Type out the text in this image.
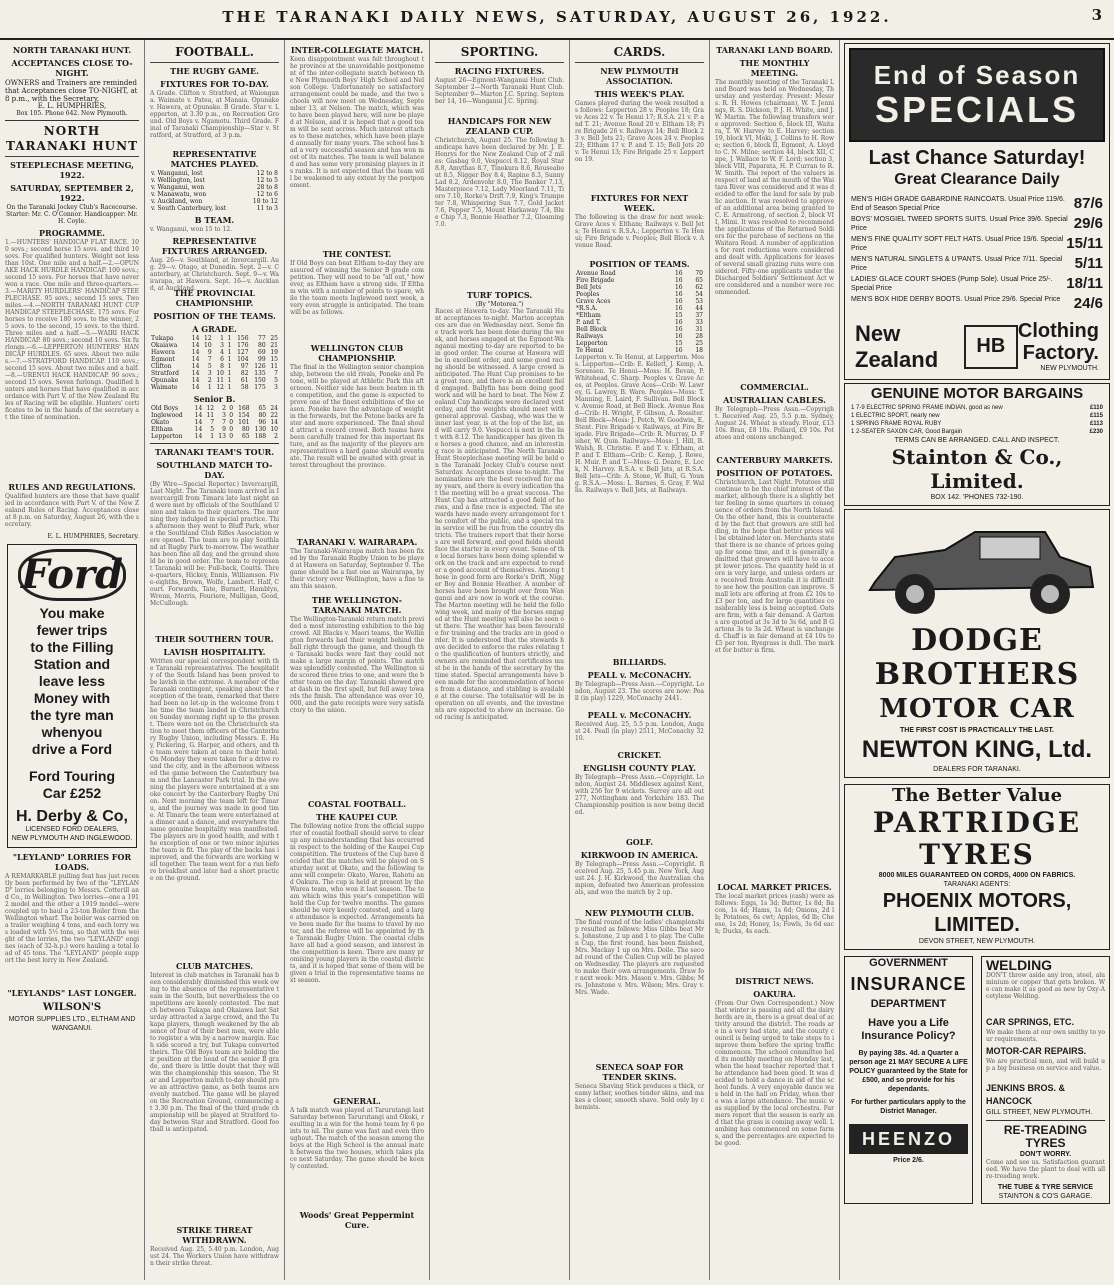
THE TARANAKI DAILY NEWS, SATURDAY, AUGUST 26, 1922.	3
NORTH TARANAKI HUNT.
ACCEPTANCES CLOSE TO-NIGHT.
OWNERS and Trainers are reminded that Acceptances close TO-NIGHT, at 8 p.m., with the Secretary,
E. L. HUMPHRIES,
Box 105. Phone 642. New Plymouth.
NORTH TARANAKI HUNT
STEEPLECHASE MEETING, 1922.
SATURDAY, SEPTEMBER 2, 1922.
On the Taranaki Jockey Club's Racecourse.
Starter: Mr. C. O'Connor. Handicapper: Mr. H. Coyle.
PROGRAMME.
1.—HUNTERS' HANDICAP FLAT RACE. 100 sovs.; second horse 15 sovs. and third 10 sovs. For qualified hunters. Weight not less than 10st. One mile and a half.—2.—OPUNAKE HACK HURDLE HANDICAP. 100 sovs.; second 15 sovs. For horses that have never won a race. One mile and three-quarters.—3.—MARITY HURDLERS' HANDICAP STEEPLECHASE. 95 sovs.; second 15 sovs. Two miles.—4.—NORTH TARANAKI HUNT CUP HANDICAP STEEPLECHASE. 175 sovs. For horses to receive 180 sovs. to the winner, 25 sovs. to the second, 15 sovs. to the third. Three miles and a half.—5.—WAIRI HACK HANDICAP. 80 sovs.; second 10 sovs. Six furlongs.—6.—LEPPERTON HUNTERS' HANDICAP HURDLES. 65 sovs. About two miles.—7.—STRATFORD HANDICAP. 110 sovs.; second 15 sovs. About two miles and a half.—8.—URENUI HACK HANDICAP. 90 sovs.; second 15 sovs. Seven furlongs. Qualified hunters and horses that have qualified in accordance with Part V. of the New Zealand Rules of Racing will be eligible. Hunters' certificates to be in the hands of the secretary at the time of nomination.
RULES AND REGULATIONS.
Qualified hunters are those that have qualified in accordance with Part V. of the New Zealand Rules of Racing. Acceptances close at 8 p.m. on Saturday, August 26, with the secretary.
E. L. HUMPHRIES, Secretary.
Ford
You make
fewer trips
to the Filling
Station and
leave less
Money with
the tyre man
whenyou
drive a Ford
Ford Touring
Car £252
H. Derby & Co,
LICENSED FORD DEALERS,
NEW PLYMOUTH AND INGLEWOOD.
"LEYLAND" LORRIES FOR LOADS.
A REMARKABLE pulling feat has just recently been performed by two of the "LEYLAND" lorries belonging to Messrs. Cotterill and Co., in Wellington. Two lorries—one a 1912 model and the other a 1919 model—were coupled up to haul a 23-ton Boiler from the Wellington wharf. The boiler was carried on a trailer weighing 4 tons, and each lorry was loaded with 5½ tons, so that with the weight of the lorries, the two "LEYLAND" engines (each of 32-h.p.) were hauling a total load of 45 tons. The "LEYLAND" people support the best lorry in New Zealand.
"LEYLANDS" LAST LONGER.
WILSON'S
MOTOR SUPPLIES LTD., ELTHAM AND WANGANUI.
FOOTBALL.
THE RUGBY GAME.
FIXTURES FOR TO-DAY.
A Grade. Clifton v. Stratford, at Waiongana. Waimate v. Patea, at Manaia. Opunake v. Hawera, at Opunake. B Grade. Star v. Lepperton, at 3.30 p.m., on Recreation Ground. Old Boys v. Ngamotu. Third Grade. Final of Taranaki Championship—Star v. Stratford, at Stratford, at 3 p.m.
REPRESENTATIVE MATCHES PLAYED.
v. Wanganui, lost	12 to 8
v. Wellington, lost	12 to 5
v. Wanganui, won	28 to 8
v. Manawatu, won	12 to 6
v. Auckland, won	18 to 12
v. South Canterbury, lost	11 to 3
B TEAM.
v. Wanganui, won 15 to 12.
REPRESENTATIVE FIXTURES ARRANGED.
Aug. 26—v. Southland, at Invercargill. Aug. 29—v. Otago, at Dunedin. Sept. 2—v. Canterbury, at Christchurch. Sept. 9—v. Wairarapa, at Hawera. Sept. 16—v. Auckland, at Auckland.
THE PROVINCIAL CHAMPIONSHIP.
POSITION OF THE TEAMS.
A GRADE.
Tukapa	14	12	1	1	156	77	25
Okaiawa	14	10	3	1	176	80	21
Hawera	14	9	4	1	127	69	19
Egmont	14	7	6	1	104	99	15
Clifton	14	5	8	1	97	126	11
Stratford	14	3	10	1	82	135	7
Opunake	14	2	11	1	61	150	5
Waimate	14	1	12	1	58	175	3
Senior B.
Old Boys	14	12	2	0	168	65	24
Inglewood	14	11	3	0	154	80	22
Okato	14	7	7	0	101	96	14
Eltham	14	5	9	0	80	130	10
Lepperton	14	1	13	0	65	188	2
TARANAKI TEAM'S TOUR.
SOUTHLAND MATCH TO-DAY.
(By Wire—Special Reporter.) Invercargill, Last Night. The Taranaki team arrived in Invercargill from Timaru late last night and were met by officials of the Southland Union and taken to their quarters. The morning they indulged in special practice. This afternoon they went to Bluff Park, where the Southland Club Rifles Association were opened. The team are to play Southland at Rugby Park to-morrow. The weather has been fine all day, and the ground should be in good order. The team to represent Taranaki will be: Full-back, Coutts. Three-quarters, Hickey, Ennis, Williamson. Five-eighths, Brown, Wolfe, Lambert. Half, Court. Forwards, Tate, Burnett, Hamblyn, Wrenn, Morris, Fouriere, Mulligan, Good, McCullough.
THEIR SOUTHERN TOUR.
LAVISH HOSPITALITY.
Written our special correspondent with the Taranaki representatives. The hospitality of the South Island has been proved to be lavish in the extreme. A member of the Taranaki contingent, speaking about the reception of the team, remarked that there had been no let-up in the welcome from the time the team landed in Christchurch on Sunday morning right up to the present. There were not on the Christchurch station to meet them officers of the Canterbury Rugby Union, including Messrs. E. Hay, Pickering, G. Harper, and others, and the team were taken at once to their hotel. On Monday they were taken for a drive round the city, and in the afternoon witnessed the game between the Canterbury team and the Lancaster Park trial. In the evening the players were entertained at a smoke concert by the Canterbury Rugby Union. Next morning the team left for Timaru, and the journey was made in good time. At Timaru the team were entertained at a dinner and a dance, and everywhere the same genuine hospitality was manifested. The players are in good health, and with the exception of one or two minor injuries the team is fit. The play of the backs has improved, and the forwards are working well together. The team went for a run before breakfast and later had a short practice on the ground.
CLUB MATCHES.
Interest in club matches in Taranaki has been considerably diminished this week owing to the absence of the representative team in the South, but nevertheless the competitions are keenly contested. The match between Tukapa and Okaiawa last Saturday attracted a large crowd, and the Tukapa players, though weakened by the absence of four of their best men, were able to register a win by a narrow margin. Each side scored a try, but Tukapa converted theirs. The Old Boys team are holding their position at the head of the senior B grade, and there is little doubt that they will win the championship this season. The Star and Lepperton match to-day should prove an attractive game, as both teams are evenly matched. The game will be played on the Recreation Ground, commencing at 3.30 p.m. The final of the third grade championship will be played at Stratford to-day between Star and Stratford. Good football is anticipated.
STRIKE THREAT WITHDRAWN.
Received Aug. 25, 5.40 p.m. London, August 24. The Workers Union have withdrawn their strike threat.
INTER-COLLEGIATE MATCH.
Keen disappointment was felt throughout the province at the unavoidable postponement of the inter-collegiate match between the New Plymouth Boys' High School and Nelson College. Unfortunately no satisfactory arrangement could be made, and the two schools will now meet on Wednesday, September 13, at Nelson. The match, which was to have been played here, will now be played at Nelson, and it is hoped that a good team will be sent across. Much interest attaches to these matches, which have been played annually for many years. The school has had a very successful season and has won most of its matches. The team is well balanced and has some very promising players in its ranks. It is not expected that the team will be weakened to any extent by the postponement.
THE CONTEST.
If Old Boys can beat Eltham to-day they are assured of winning the Senior B grade competition. They will need to be "all out," however, as Eltham have a strong side. If Eltham win with a number of points to spare, while the team meets Inglewood next week, a very even struggle is anticipated. The team will be as follows.
WELLINGTON CLUB CHAMPIONSHIP.
The final in the Wellington senior championship, between the old rivals, Poneke and Petone, will be played at Athletic Park this afternoon. Neither side has been beaten in the competition, and the game is expected to prove one of the finest exhibitions of the season. Poneke have the advantage of weight in the forwards, but the Petone backs are faster and more experienced. The final should attract a record crowd. Both teams have been carefully trained for this important fixture, and as the majority of the players are representatives a hard game should eventuate. The result will be awaited with great interest throughout the province.
TARANAKI V. WAIRARAPA.
The Taranaki-Wairarapa match has been fixed by the Taranaki Rugby Union to be played at Hawera on Saturday, September 9. The game should be a fast one as Wairarapa, by their victory over Wellington, have a fine team this season.
THE WELLINGTON-TARANAKI MATCH.
The Wellington-Taranaki return match provided a most interesting exhibition to the big crowd. All Blacks v. Maori teams, the Wellington forwards had their weight behind the ball right through the game, and though the Taranaki backs were fast they could not make a large margin of points. The match was splendidly contested. The Wellington side scored three tries to one, and were the better team on the day. Taranaki showed great dash in the first spell, but fell away towards the finish. The attendance was over 10,000, and the gate receipts were very satisfactory to the union.
COASTAL FOOTBALL.
THE KAUPEI CUP.
The following notice from the official supporter of coastal football should serve to clear up any misunderstanding that has occurred in respect to the holding of the Kaupei Cup competition. The trustees of the Cup have decided that the matches will be played on Saturday next at Okato, and the following teams will compete: Okato, Warea, Rahotu and Oakura. The cup is held at present by the Warea team, who won it last season. The team which wins this year's competition will hold the Cup for twelve months. The games should be very keenly contested, and a large attendance is expected. Arrangements have been made for the teams to travel by motor, and the referee will be appointed by the Taranaki Rugby Union. The coastal clubs have all had a good season, and interest in the competition is keen. There are many promising young players in the coastal districts, and it is hoped that some of them will be given a trial in the representative teams next season.
GENERAL.
A talk match was played at Tarurutangi last Saturday between Tarurutangi and Okoki, resulting in a win for the home team by 6 points to nil. The game was fast and even throughout. The match of the season among the boys at the High School is the annual match between the two houses, which takes place next Saturday. The game should be keenly contested.
Woods' Great Peppermint Cure.
SPORTING.
RACING FIXTURES.
August 26—Egmont-Wanganui Hunt Club. September 2—North Taranaki Hunt Club. September 9—Marton J.C. Spring. September 14, 16—Wanganui J.C. Spring.
HANDICAPS FOR NEW ZEALAND CUP.
Christchurch, August 25. The following handicaps have been declared by Mr. J. E. Henrys for the New Zealand Cup of 2 miles: Gasbag 9.0, Vespucci 8.12, Royal Star 8.8, Amythas 8.7, Tinokura 8.6, Rouseabout 8.5, Nigger Boy 8.4, Rapine 8.3, Sunny Lad 8.2, Ardenvohr 8.0, The Banker 7.13, Masterpiece 7.12, Lady Moorland 7.11, Tioro 7.10, Rorke's Drift 7.9, King's Trumpeter 7.8, Whispering Sun 7.7, Gold Jacket 7.6, Pepper 7.5, Mount Harkaway 7.4, Blue Chip 7.3, Bonnie Heather 7.2, Gloaming 7.0.
TURF TOPICS.
(By "Motorea.")
Races at Hawera to-day. The Taranaki Hunt acceptances to-night. Marton acceptances are due on Wednesday next. Some fine track work has been done during the week, and horses engaged at the Egmont-Wanganui meeting to-day are reported to be in good order. The course at Hawera will be in excellent order, and some good racing should be witnessed. A large crowd is anticipated. The Hunt Cup promises to be a great race, and there is an excellent field engaged. Ballyfin has been doing good work and will be hard to beat. The New Zealand Cup handicaps were declared yesterday, and the weights should meet with general approval. Gasbag, who was the winner last year, is at the top of the list, and will carry 9.0. Vespucci is next in the list with 8.12. The handicapper has given the horses a good chance, and an interesting race is anticipated. The North Taranaki Hunt Steeplechase meeting will be held on the Taranaki Jockey Club's course next Saturday. Acceptances close to-night. The nominations are the best received for many years, and there is every indication that the meeting will be a great success. The Hunt Cup has attracted a good field of horses, and a fine race is expected. The stewards have made every arrangement for the comfort of the public, and a special train service will be run from the country districts. The trainers report that their horses are well forward, and good fields should face the starter in every event. Some of the local horses have been doing splendid work on the track and are expected to render a good account of themselves. Among those in good form are Rorke's Drift, Nigger Boy and Bonnie Heather. A number of horses have been brought over from Wanganui and are now in work at the course. The Marton meeting will be held the following week, and many of the horses engaged at the Hunt meeting will also be seen out there. The weather has been favourable for training and the tracks are in good order. It is understood that the stewards have decided to enforce the rules relating to the qualification of hunters strictly, and owners are reminded that certificates must be in the hands of the secretary by the time stated. Special arrangements have been made for the accommodation of horses from a distance, and stabling is available at the course. The totalisator will be in operation on all events, and the investments are expected to show an increase. Good racing is anticipated.
CARDS.
NEW PLYMOUTH ASSOCIATION.
THIS WEEK'S PLAY.
Games played during the week resulted as follows: Lepperton 28 v. Peoples 18; Grave Aces 22 v. Te Henui 17; R.S.A. 21 v. P. and T. 21; Avenue Road 20 v. Eltham 18; Fire Brigade 26 v. Railways 14; Bell Block 23 v. Bell Jets 21; Grave Aces 24 v. Peoples 23; Eltham 17 v. P. and T. 15; Bell Jets 20 v. Te Henui 13; Fire Brigade 25 v. Lepperton 19.
FIXTURES FOR NEXT WEEK.
The following is the draw for next week: Grave Aces v. Eltham; Railways v. Bell Jets; Te Henui v. R.S.A.; Lepperton v. Te Henui; Fire Brigade v. Peoples; Bell Block v. Avenue Road.
POSITION OF TEAMS.
Avenue Road	16	70
Fire Brigade	16	65
Bell Jets	16	62
Peoples	16	54
Grave Aces	16	53
*R.S.A.	16	44
*Eltham	15	37
P. and T.	16	33
Bell Block	16	31
Railways	16	28
Lepperton	15	25
Te Henui	16	18
Lepperton v. Te Henui, at Lepperton. Moss. Lepperton—Crib: E. Kellett, J. Kemp, A. Sorensen. Te Henui—Moss: H. Bevan, P. Whitehead, C. Sharp. Peoples v. Grave Aces, at Peoples. Grave Aces—Crib: W. Lawrey, G. Lawrey, B. Ware. Peoples—Moss: T. Manning, E. Laird, F. Sullivan. Bell Block v. Avenue Road, at Bell Block. Avenue Road—Crib: H. Wright, F. Gibson, A. Rossiter. Bell Block—Moss: J. Petch, W. Goodwin, E. Stent. Fire Brigade v. Railways, at Fire Brigade. Fire Brigade—Crib: R. Murray, D. Fisher, W. Quin. Railways—Moss: J. Hill, B. Walsh, R. Christie. P. and T. v. Eltham, at P. and T. Eltham—Crib: C. Kemp, J. Rowe, H. Muir. P. and T.—Moss: G. Deare, E. Lock, N. Harvey. R.S.A. v. Bell Jets, at R.S.A. Bell Jets—Crib: A. Stone, W. Bull, G. Young. R.S.A.—Moss: L. Barnes, S. Gray, F. Wallis. Railways v. Bell Jets, at Railways.
BILLIARDS.
PEALL v. McCONACHY.
By Telegraph—Press Assn.—Copyright. London, August 23. The scores are now: Peall (in play) 1229, McConachy 2441.
PEALL v. McCONACHY.
Received Aug. 25, 5.5 p.m. London, August 24. Peall (in play) 2511, McConachy 3210.
CRICKET.
ENGLISH COUNTY PLAY.
By Telegraph—Press Assn.—Copyright. London, August 24. Middlesex against Kent, with 256 for 9 wickets. Surrey are all out 277, Nottingham and Yorkshire 183. The Championship position is now being decided.
GOLF.
KIRKWOOD IN AMERICA.
By Telegraph—Press Assn.—Copyright. Received Aug. 25, 5.45 p.m. New York, August 24. J. H. Kirkwood, the Australian champion, defeated two American professionals, and won the match by 2 up.
NEW PLYMOUTH CLUB.
The final round of the ladies' championship resulted as follows: Miss Gibbs beat Mrs. Johnstone, 2 up and 1 to play. The Cullen Cup, the first round, has been finished, Mrs. Mackay 1 up on Mrs. Doile. The second round of the Cullen Cup will be played on Wednesday. The players are requested to make their own arrangements. Draw for next week: Mrs. Mason v. Mrs. Gibbs; Mrs. Johnstone v. Mrs. Wilson; Mrs. Gray v. Mrs. Wade.
SENECA SOAP FOR TENDER SKINS.
Seneca Shaving Stick produces a thick, creamy lather, soothes tender skins, and makes a closer, smooth shave. Sold only by chemists.
TARANAKI LAND BOARD.
THE MONTHLY MEETING.
The monthly meeting of the Taranaki Land Board was held on Wednesday, Thursday and yesterday. Present: Messrs. R. H. Howes (chairman), W. T. Jennings, R. S. Dickson, P. J. H. White, and J. W. Martin. The following transfers were approved: Section 6, block III, Waitara, T. W. Harvey to E. Harvey; section 19, block VI, Moki, J. Collins to H. Rowe; section 6, block II, Egmont, A. Lloyd to C. N. Milne; section 44, block XII, Cape, J. Wallace to W. F. Lord; section 3, block VIII, Paparata, H. P. Curran to R. W. Smith. The report of the valuers in respect of land at the mouth of the Waitara River was considered and it was decided to offer the land for sale by public auction. It was resolved to approve of an additional area being granted to C. E. Armstrong, of section 2, block VII, Mimi. It was resolved to recommend the applications of the Returned Soldiers for the purchase of sections on the Waitara Road. A number of applications for rent reductions were considered and dealt with. Applications for leases of several small grazing runs were considered. Fifty-one applicants under the Discharged Soldiers' Settlement Act were considered and a number were recommended.
COMMERCIAL.
AUSTRALIAN CABLES.
By Telegraph—Press Assn.—Copyright. Received Aug. 25, 5.5 p.m. Sydney, August 24. Wheat is steady. Flour, £13 10s. Bran, £8 10s. Pollard, £9 10s. Potatoes and onions unchanged.
CANTERBURY MARKETS.
POSITION OF POTATOES.
Christchurch, Last Night. Potatoes still continue to be the chief interest of the market, although there is a slightly better feeling in some quarters in consequence of orders from the North Island. On the other hand, this is counteracted by the fact that growers are still holding, in the hope that better prices will be obtained later on. Merchants state that there is no chance of prices going up for some time, and it is generally admitted that growers will have to accept lower prices. The quantity held in store is very large, and unless orders are received from Australia it is difficult to see how the position can improve. Small lots are offering at from £2 10s to £3 per ton, and for large quantities considerably less is being accepted. Oats are firm, with a fair demand. A Gartons are quoted at 3s 3d to 3s 6d, and B Gartons 3s to 3s 2d. Wheat is unchanged. Chaff is in fair demand at £4 10s to £5 per ton. Ryegrass is dull. The market for butter is firm.
LOCAL MARKET PRICES.
The local market prices (cash) were as follows: Eggs, 1s 3d; Butter, 1s 8d; Bacon, 1s 4d; Hams, 1s 6d; Onions, 2d lb; Potatoes, 6s cwt; Apples, 6d lb; Cheese, 1s 2d; Honey, 1s; Fowls, 3s 6d each; Ducks, 4s each.
DISTRICT NEWS.
OAKURA.
(From Our Own Correspondent.) Now that winter is passing and all the dairy herds are in, there is a great deal of activity around the district. The roads are in a very bad state, and the county council is being urged to take steps to improve them before the spring traffic commences. The school committee held its monthly meeting on Monday last, when the head teacher reported that the attendance had been good. It was decided to hold a dance in aid of the school funds. A very enjoyable dance was held in the hall on Friday, when there was a large attendance. The music was supplied by the local orchestra. Farmers report that the season is early and that the grass is coming away well. Lambing has commenced on some farms, and the percentages are expected to be good.
End of Season
SPECIALS
Last Chance Saturday!
Great Clearance Daily
87/6
MEN'S HIGH GRADE GABARDINE RAINCOATS. Usual Price 119/6. End of Season Special Price
29/6
BOYS' MOSGIEL TWEED SPORTS SUITS. Usual Price 39/6. Special Price
15/11
MEN'S FINE QUALITY SOFT FELT HATS. Usual Price 19/6. Special Price
5/11
MEN'S NATURAL SINGLETS & U'PANTS. Usual Price 7/11. Special Price
18/11
LADIES' GLACE COURT SHOES (Pump Sole). Usual Price 25/-. Special Price
24/6
MEN'S BOX HIDE DERBY BOOTS. Usual Price 29/6. Special Price
New Zealand
HB
Clothing
Factory.
NEW PLYMOUTH.
GENUINE MOTOR BARGAINS
1 7-9 ELECTRIC SPRING FRAME INDIAN, good as new	£110
1 ELECTRIC SPORT, nearly new	£115
1 SPRING FRAME ROYAL RUBY	£113
1 2-SEATER SAXON CAR, Good Bargain	£230
TERMS CAN BE ARRANGED. CALL AND INSPECT.
Stainton & Co., Limited.
BOX 142. 'PHONES 732-190.
DODGE BROTHERS
MOTOR CAR
THE FIRST COST IS PRACTICALLY THE LAST.
NEWTON KING, Ltd.
DEALERS FOR TARANAKI.
The Better Value
PARTRIDGE TYRES
8000 MILES GUARANTEED ON CORDS, 4000 ON FABRICS.
TARANAKI AGENTS:
PHOENIX MOTORS, LIMITED.
DEVON STREET, NEW PLYMOUTH.
GOVERNMENT
INSURANCE
DEPARTMENT
Have you a Life Insurance Policy?
By paying 38s. 4d. a Quarter a person age 21 MAY SECURE A LIFE POLICY guaranteed by the State for £500, and so provide for his dependants.
For further particulars apply to the District Manager.
HEENZO
Price 2/6.
WELDING
DON'T throw aside any iron, steel, aluminium or copper that gets broken. We can make it as good as new by Oxy-Acetylene Welding.
CAR SPRINGS, ETC.
We make them at our own smithy to your requirements.
MOTOR-CAR REPAIRS.
We are practical men, and will build up a big business on service and value.
JENKINS BROS. & HANCOCK
GILL STREET, NEW PLYMOUTH.
RE-TREADING TYRES
DON'T WORRY.
Come and see us. Satisfaction guaranteed. We have the plant to deal with all re-treading work.
THE TUBE & TYRE SERVICE
STAINTON & CO'S GARAGE.
